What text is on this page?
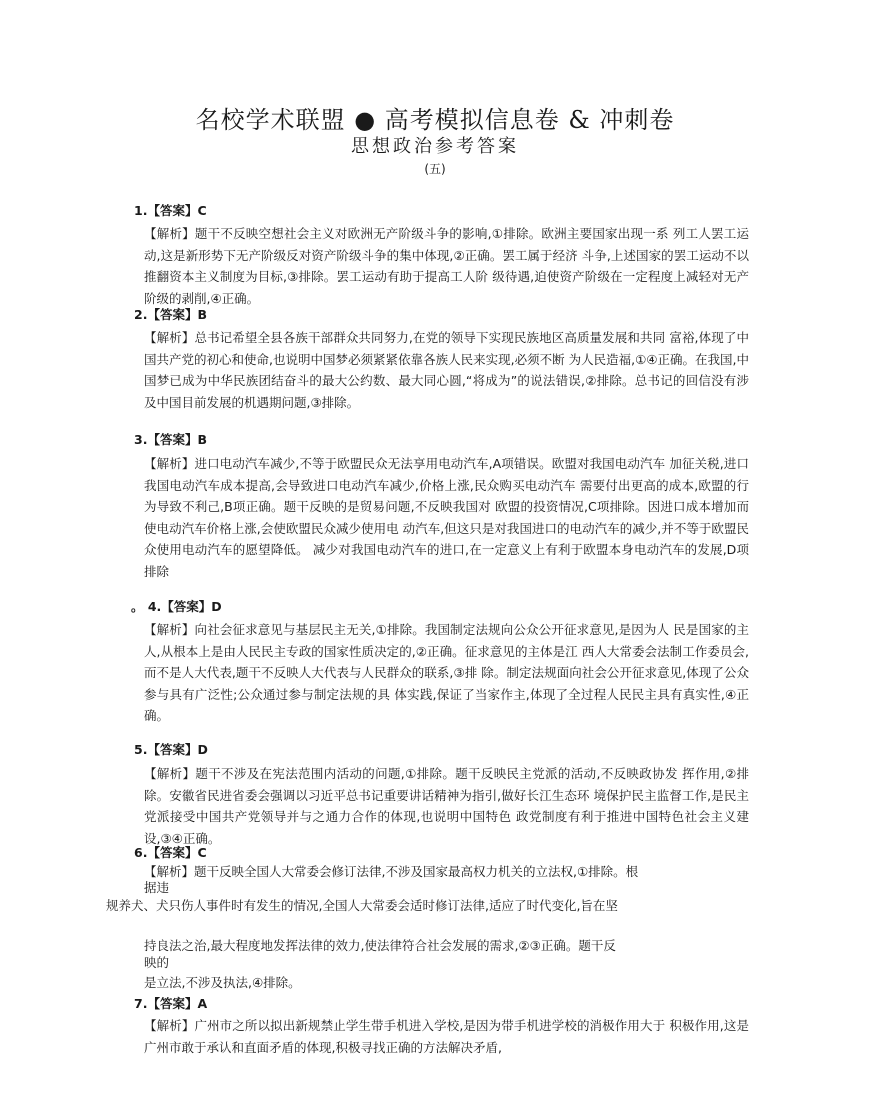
名校学术联盟 ● 高考模拟信息卷 & 冲刺卷
思想政治参考答案
(五)
1.【答案】C
【解析】题干不反映空想社会主义对欧洲无产阶级斗争的影响,①排除。欧洲主要国家出现一系 列工人罢工运动,这是新形势下无产阶级反对资产阶级斗争的集中体现,②正确。罢工属于经济 斗争,上述国家的罢工运动不以推翻资本主义制度为目标,③排除。罢工运动有助于提高工人阶 级待遇,迫使资产阶级在一定程度上减轻对无产阶级的剥削,④正确。
2.【答案】B
【解析】总书记希望全县各族干部群众共同努力,在党的领导下实现民族地区高质量发展和共同 富裕,体现了中国共产党的初心和使命,也说明中国梦必须紧紧依靠各族人民来实现,必须不断 为人民造福,①④正确。在我国,中国梦已成为中华民族团结奋斗的最大公约数、最大同心圆,“将成为”的说法错误,②排除。总书记的回信没有涉及中国目前发展的机遇期问题,③排除。
3.【答案】B
【解析】进口电动汽车减少,不等于欧盟民众无法享用电动汽车,A项错误。欧盟对我国电动汽车 加征关税,进口我国电动汽车成本提高,会导致进口电动汽车减少,价格上涨,民众购买电动汽车 需要付出更高的成本,欧盟的行为导致不利己,B项正确。题干反映的是贸易问题,不反映我国对 欧盟的投资情况,C项排除。因进口成本增加而使电动汽车价格上涨,会使欧盟民众减少使用电 动汽车,但这只是对我国进口的电动汽车的减少,并不等于欧盟民众使用电动汽车的愿望降低。 减少对我国电动汽车的进口,在一定意义上有利于欧盟本身电动汽车的发展,D项排除
。 4.【答案】D
【解析】向社会征求意见与基层民主无关,①排除。我国制定法规向公众公开征求意见,是因为人 民是国家的主人,从根本上是由人民民主专政的国家性质决定的,②正确。征求意见的主体是江 西人大常委会法制工作委员会,而不是人大代表,题干不反映人大代表与人民群众的联系,③排 除。制定法规面向社会公开征求意见,体现了公众参与具有广泛性;公众通过参与制定法规的具 体实践,保证了当家作主,体现了全过程人民民主具有真实性,④正确。
5.【答案】D
【解析】题干不涉及在宪法范围内活动的问题,①排除。题干反映民主党派的活动,不反映政协发 挥作用,②排除。安徽省民进省委会强调以习近平总书记重要讲话精神为指引,做好长江生态环 境保护民主监督工作,是民主党派接受中国共产党领导并与之通力合作的体现,也说明中国特色 政党制度有利于推进中国特色社会主义建设,③④正确。
6.【答案】C
【解析】题干反映全国人大常委会修订法律,不涉及国家最高权力机关的立法权,①排除。根
据违
规养犬、犬只伤人事件时有发生的情况,全国人大常委会适时修订法律,适应了时代变化,旨在坚
持良法之治,最大程度地发挥法律的效力,使法律符合社会发展的需求,②③正确。题干反
映的
是立法,不涉及执法,④排除。
7.【答案】A
【解析】广州市之所以拟出新规禁止学生带手机进入学校,是因为带手机进学校的消极作用大于 积极作用,这是广州市敢于承认和直面矛盾的体现,积极寻找正确的方法解决矛盾,
